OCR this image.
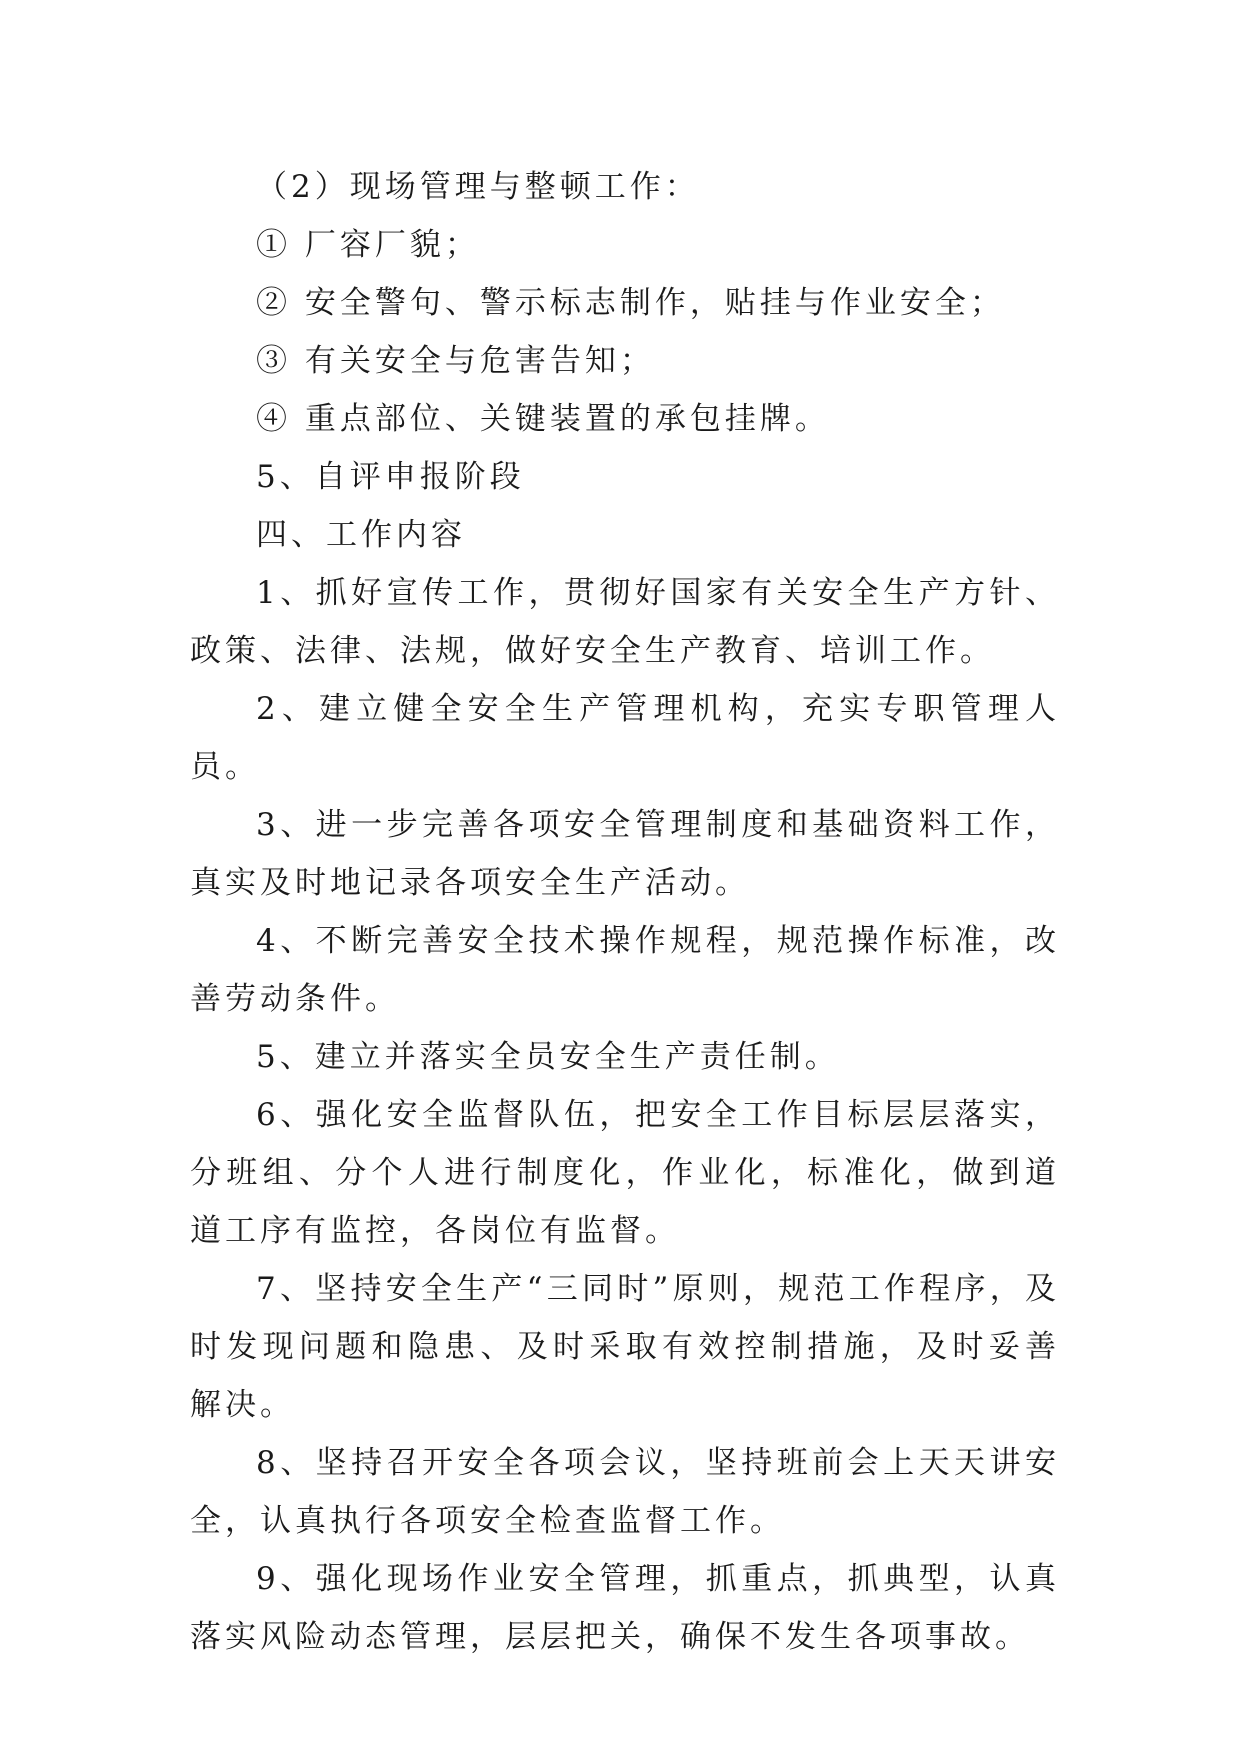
（2）现场管理与整顿工作：

① 厂容厂貌；

② 安全警句、警示标志制作，贴挂与作业安全；

③ 有关安全与危害告知；

④ 重点部位、关键装置的承包挂牌。

5、自评申报阶段

四、工作内容

1、抓好宣传工作，贯彻好国家有关安全生产方针、政策、法律、法规，做好安全生产教育、培训工作。

2、建立健全安全生产管理机构，充实专职管理人员。

3、进一步完善各项安全管理制度和基础资料工作，真实及时地记录各项安全生产活动。

4、不断完善安全技术操作规程，规范操作标准，改善劳动条件。

5、建立并落实全员安全生产责任制。

6、强化安全监督队伍，把安全工作目标层层落实，分班组、分个人进行制度化，作业化，标准化，做到道道工序有监控，各岗位有监督。

7、坚持安全生产“三同时”原则，规范工作程序，及时发现问题和隐患、及时采取有效控制措施，及时妥善解决。

8、坚持召开安全各项会议，坚持班前会上天天讲安全，认真执行各项安全检查监督工作。

9、强化现场作业安全管理，抓重点，抓典型，认真落实风险动态管理，层层把关，确保不发生各项事故。
